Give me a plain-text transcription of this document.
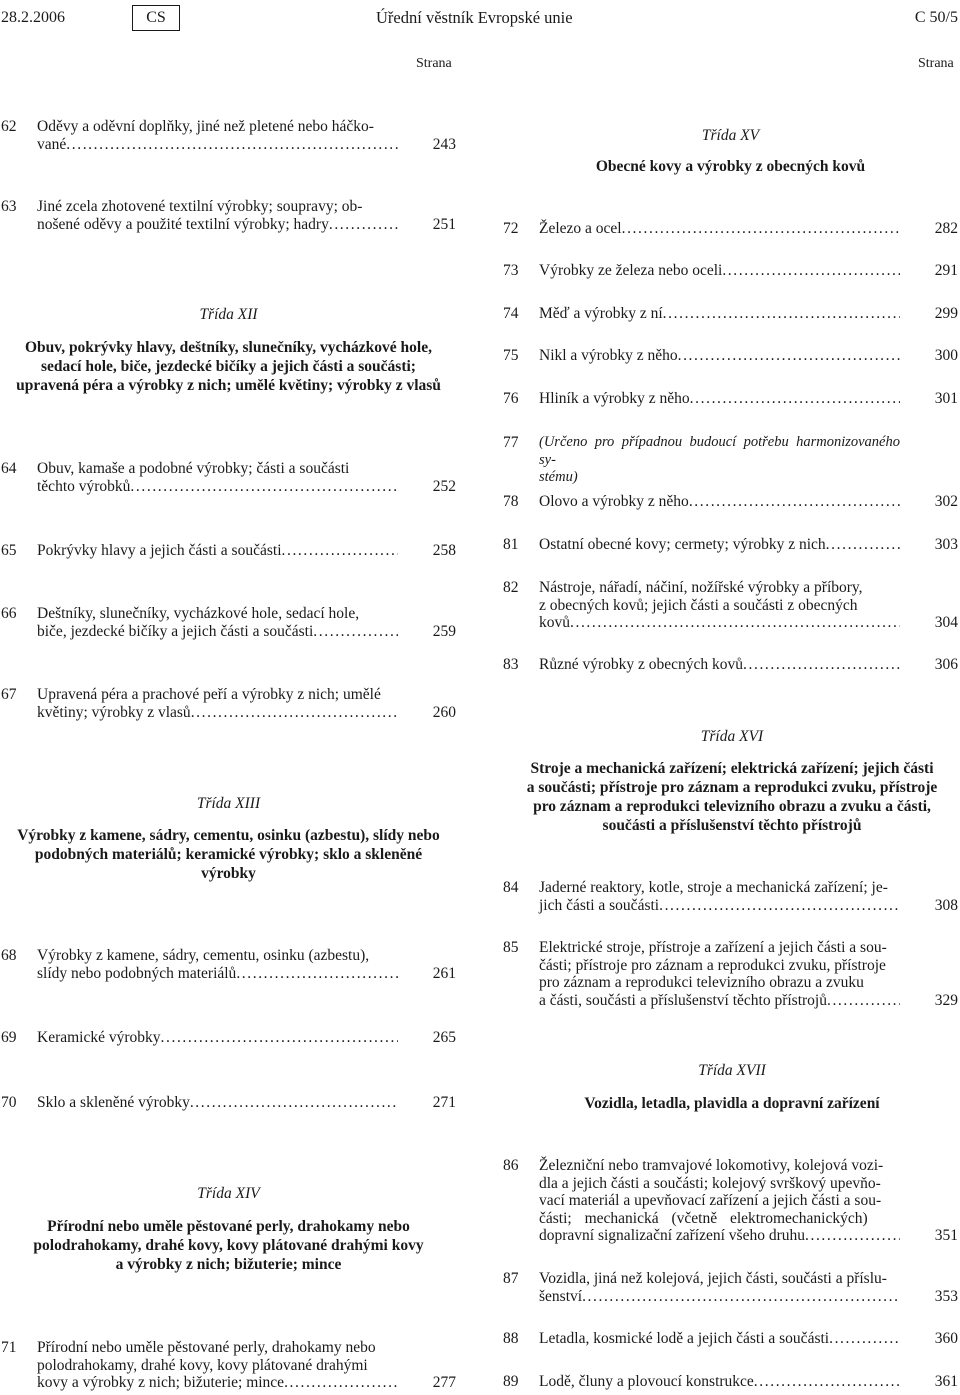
28.2.2006	CS	Úřední věstník Evropské unie	C 50/5
Strana	Strana
62	Oděvy a oděvní doplňky, jiné než pletené nebo háčko-
vané .....	243
63	Jiné zcela zhotovené textilní výrobky; soupravy; ob-
nošené oděvy a použité textilní výrobky; hadry .....	251
Třída XII
Obuv, pokrývky hlavy, deštníky, slunečníky, vycházkové hole,
sedací hole, biče, jezdecké bičíky a jejich části a součásti;
upravená péra a výrobky z nich; umělé květiny; výrobky z vlasů
64	Obuv, kamaše a podobné výrobky; části a součásti
těchto výrobků .....	252
65	Pokrývky hlavy a jejich části a součásti .....	258
66	Deštníky, slunečníky, vycházkové hole, sedací hole,
biče, jezdecké bičíky a jejich části a součásti .....	259
67	Upravená péra a prachové peří a výrobky z nich; umělé
květiny; výrobky z vlasů .....	260
Třída XIII
Výrobky z kamene, sádry, cementu, osinku (azbestu), slídy nebo
podobných materiálů; keramické výrobky; sklo a skleněné
výrobky
68	Výrobky z kamene, sádry, cementu, osinku (azbestu),
slídy nebo podobných materiálů .....	261
69	Keramické výrobky .....	265
70	Sklo a skleněné výrobky .....	271
Třída XIV
Přírodní nebo uměle pěstované perly, drahokamy nebo
polodrahokamy, drahé kovy, kovy plátované drahými kovy
a výrobky z nich; bižuterie; mince
71	Přírodní nebo uměle pěstované perly, drahokamy nebo
polodrahokamy, drahé kovy, kovy plátované drahými
kovy a výrobky z nich; bižuterie; mince .....	277
Třída XV
Obecné kovy a výrobky z obecných kovů
72	Železo a ocel .....	282
73	Výrobky ze železa nebo oceli .....	291
74	Měď a výrobky z ní .....	299
75	Nikl a výrobky z něho .....	300
76	Hliník a výrobky z něho .....	301
77	(Určeno pro případnou budoucí potřebu harmonizovaného sy-
stému)
78	Olovo a výrobky z něho .....	302
81	Ostatní obecné kovy; cermety; výrobky z nich .....	303
82	Nástroje, nářadí, náčiní, nožířské výrobky a příbory,
z obecných kovů; jejich části a součásti z obecných
kovů .....	304
83	Různé výrobky z obecných kovů .....	306
Třída XVI
Stroje a mechanická zařízení; elektrická zařízení; jejich části
a součásti; přístroje pro záznam a reprodukci zvuku, přístroje
pro záznam a reprodukci televizního obrazu a zvuku a části,
součásti a příslušenství těchto přístrojů
84	Jaderné reaktory, kotle, stroje a mechanická zařízení; je-
jich části a součásti .....	308
85	Elektrické stroje, přístroje a zařízení a jejich části a sou-
části; přístroje pro záznam a reprodukci zvuku, přístroje
pro záznam a reprodukci televizního obrazu a zvuku
a části, součásti a příslušenství těchto přístrojů .....	329
Třída XVII
Vozidla, letadla, plavidla a dopravní zařízení
86	Železniční nebo tramvajové lokomotivy, kolejová vozi-
dla a jejich části a součásti; kolejový svrškový upevňo-
vací materiál a upevňovací zařízení a jejich části a sou-
části; mechanická (včetně elektromechanických)
dopravní signalizační zařízení všeho druhu .....	351
87	Vozidla, jiná než kolejová, jejich části, součásti a příslu-
šenství .....	353
88	Letadla, kosmické lodě a jejich části a součásti .....	360
89	Lodě, čluny a plovoucí konstrukce .....	361
